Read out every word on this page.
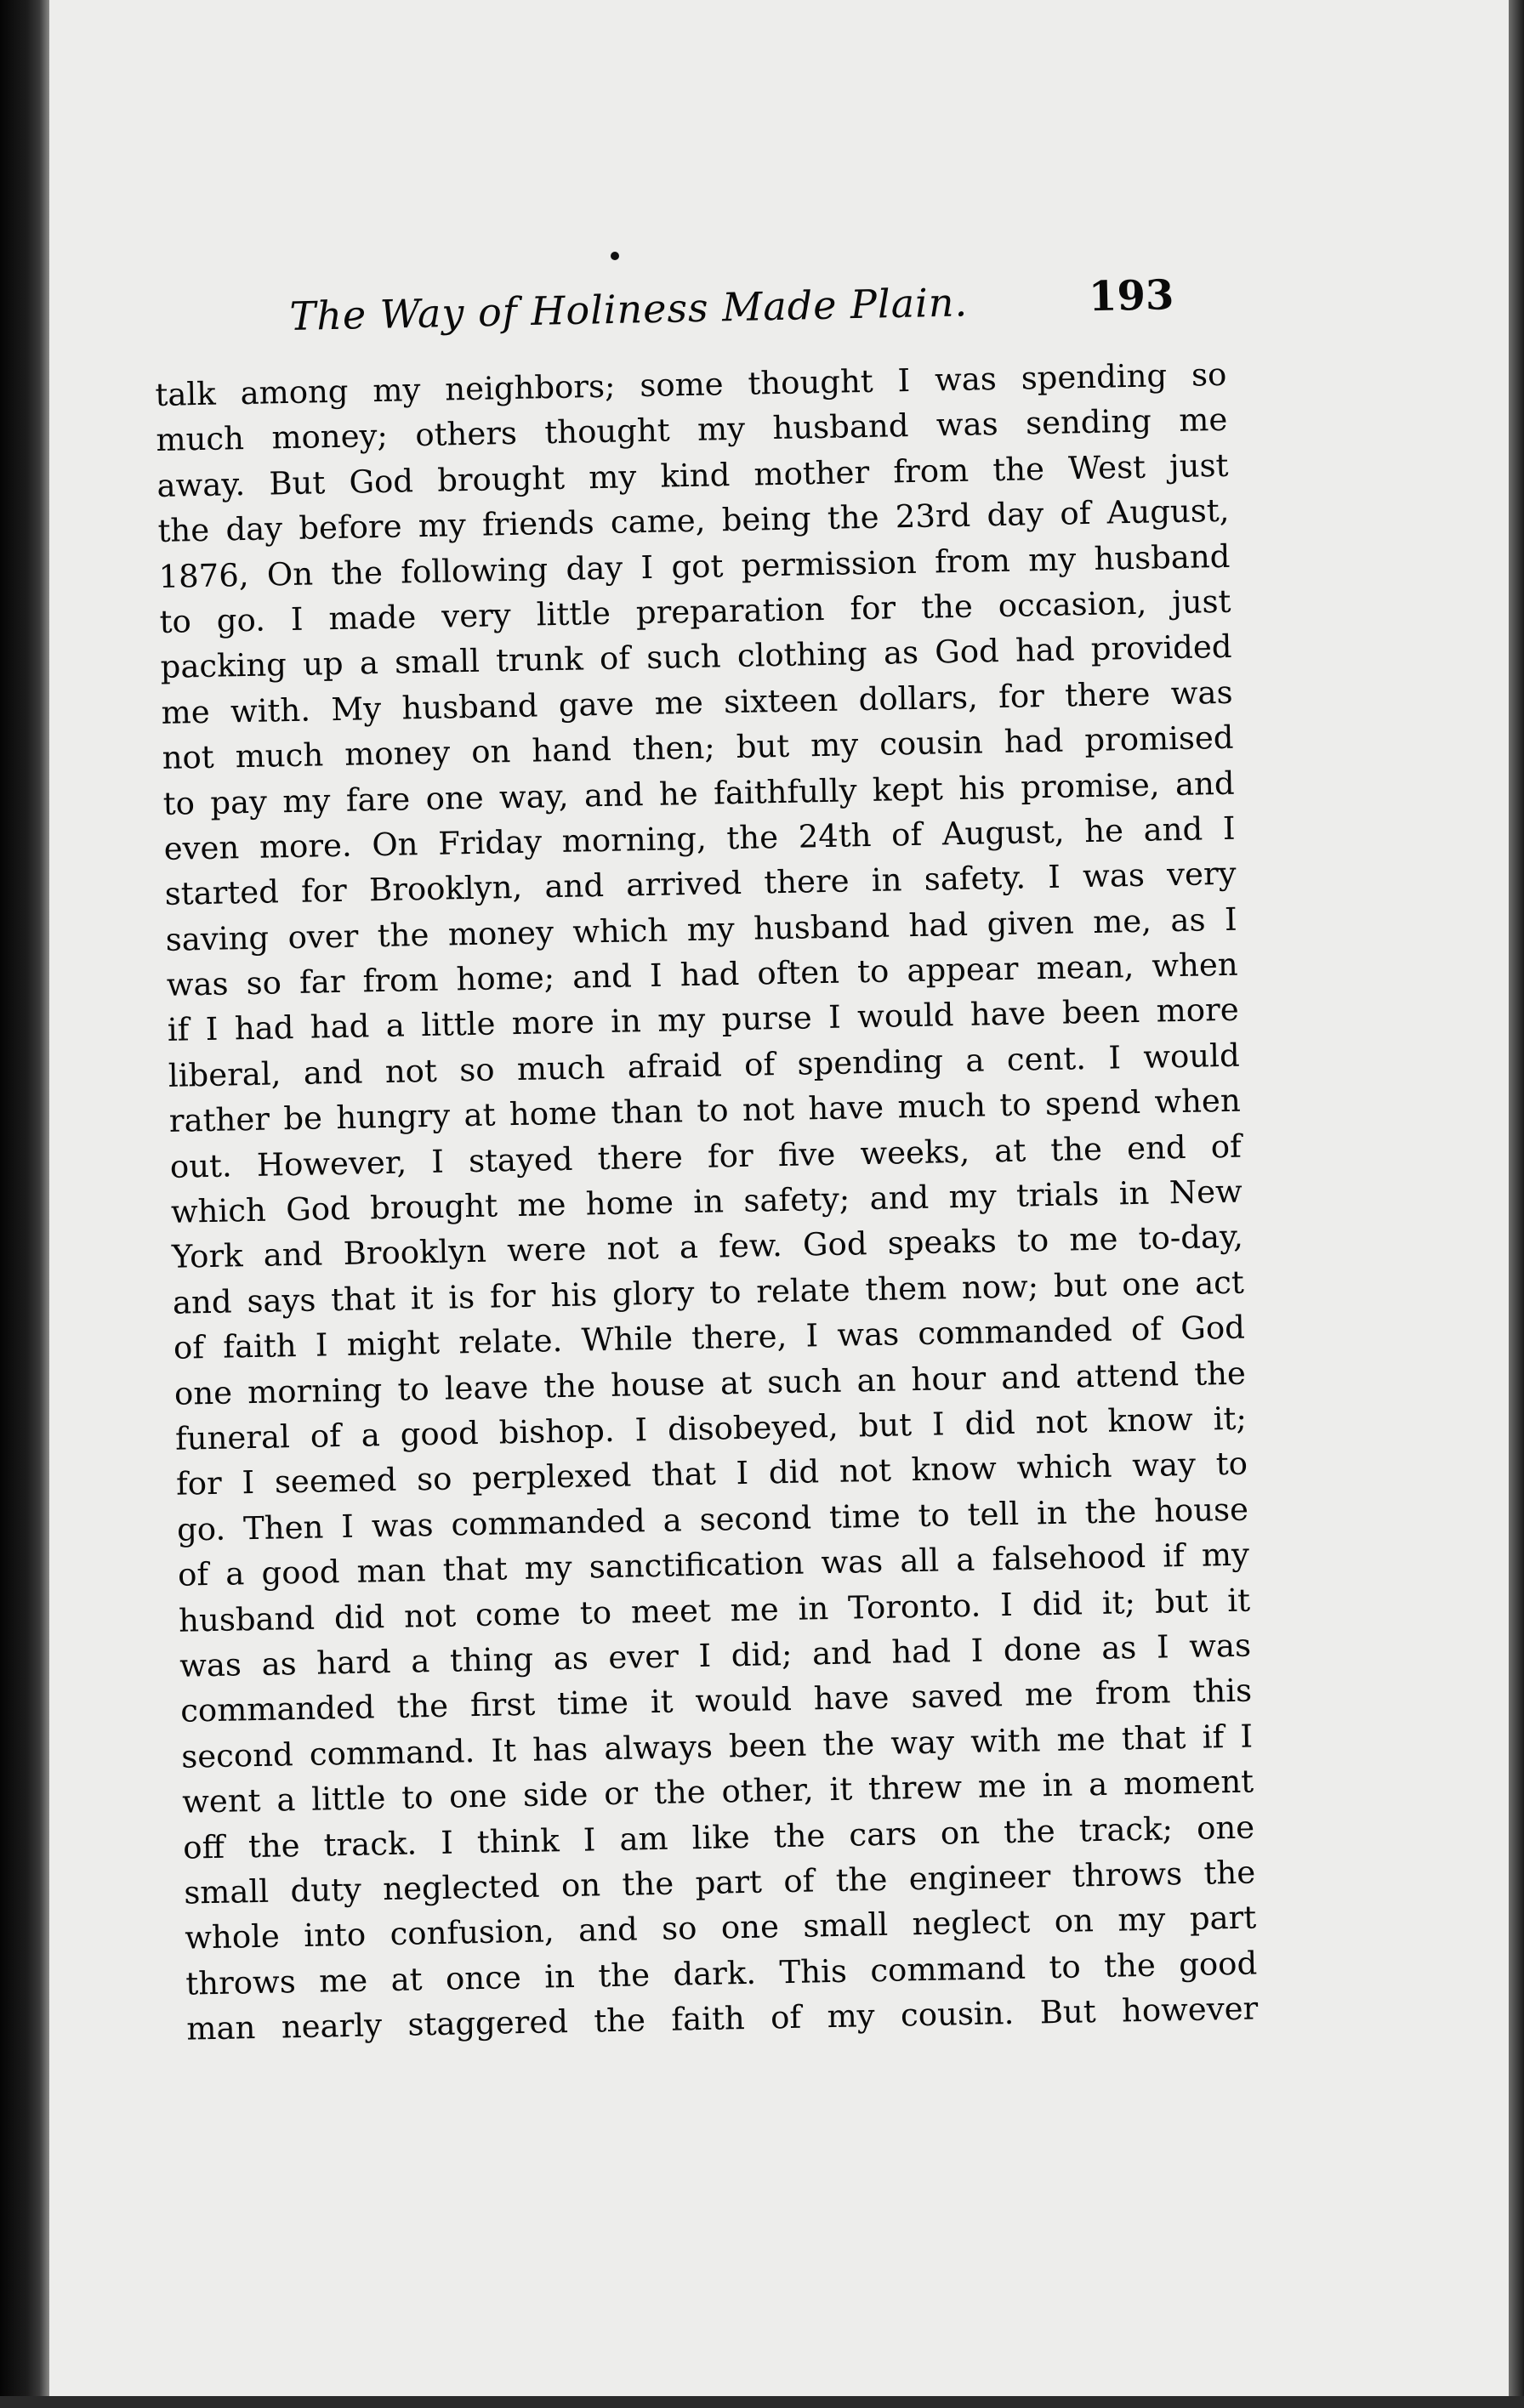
The Way of Holiness Made Plain.	193
talk among my neighbors; some thought I was spending so
much money; others thought my husband was sending me
away. But God brought my kind mother from the West just
the day before my friends came, being the 23rd day of August,
1876, On the following day I got permission from my husband
to go. I made very little preparation for the occasion, just
packing up a small trunk of such clothing as God had provided
me with. My husband gave me sixteen dollars, for there was
not much money on hand then; but my cousin had promised
to pay my fare one way, and he faithfully kept his promise, and
even more. On Friday morning, the 24th of August, he and I
started for Brooklyn, and arrived there in safety. I was very
saving over the money which my husband had given me, as I
was so far from home; and I had often to appear mean, when
if I had had a little more in my purse I would have been more
liberal, and not so much afraid of spending a cent. I would
rather be hungry at home than to not have much to spend when
out. However, I stayed there for five weeks, at the end of
which God brought me home in safety; and my trials in New
York and Brooklyn were not a few. God speaks to me to-day,
and says that it is for his glory to relate them now; but one act
of faith I might relate. While there, I was commanded of God
one morning to leave the house at such an hour and attend the
funeral of a good bishop. I disobeyed, but I did not know it;
for I seemed so perplexed that I did not know which way to
go. Then I was commanded a second time to tell in the house
of a good man that my sanctification was all a falsehood if my
husband did not come to meet me in Toronto. I did it; but it
was as hard a thing as ever I did; and had I done as I was
commanded the first time it would have saved me from this
second command. It has always been the way with me that if I
went a little to one side or the other, it threw me in a moment
off the track. I think I am like the cars on the track; one
small duty neglected on the part of the engineer throws the
whole into confusion, and so one small neglect on my part
throws me at once in the dark. This command to the good
man nearly staggered the faith of my cousin. But however
